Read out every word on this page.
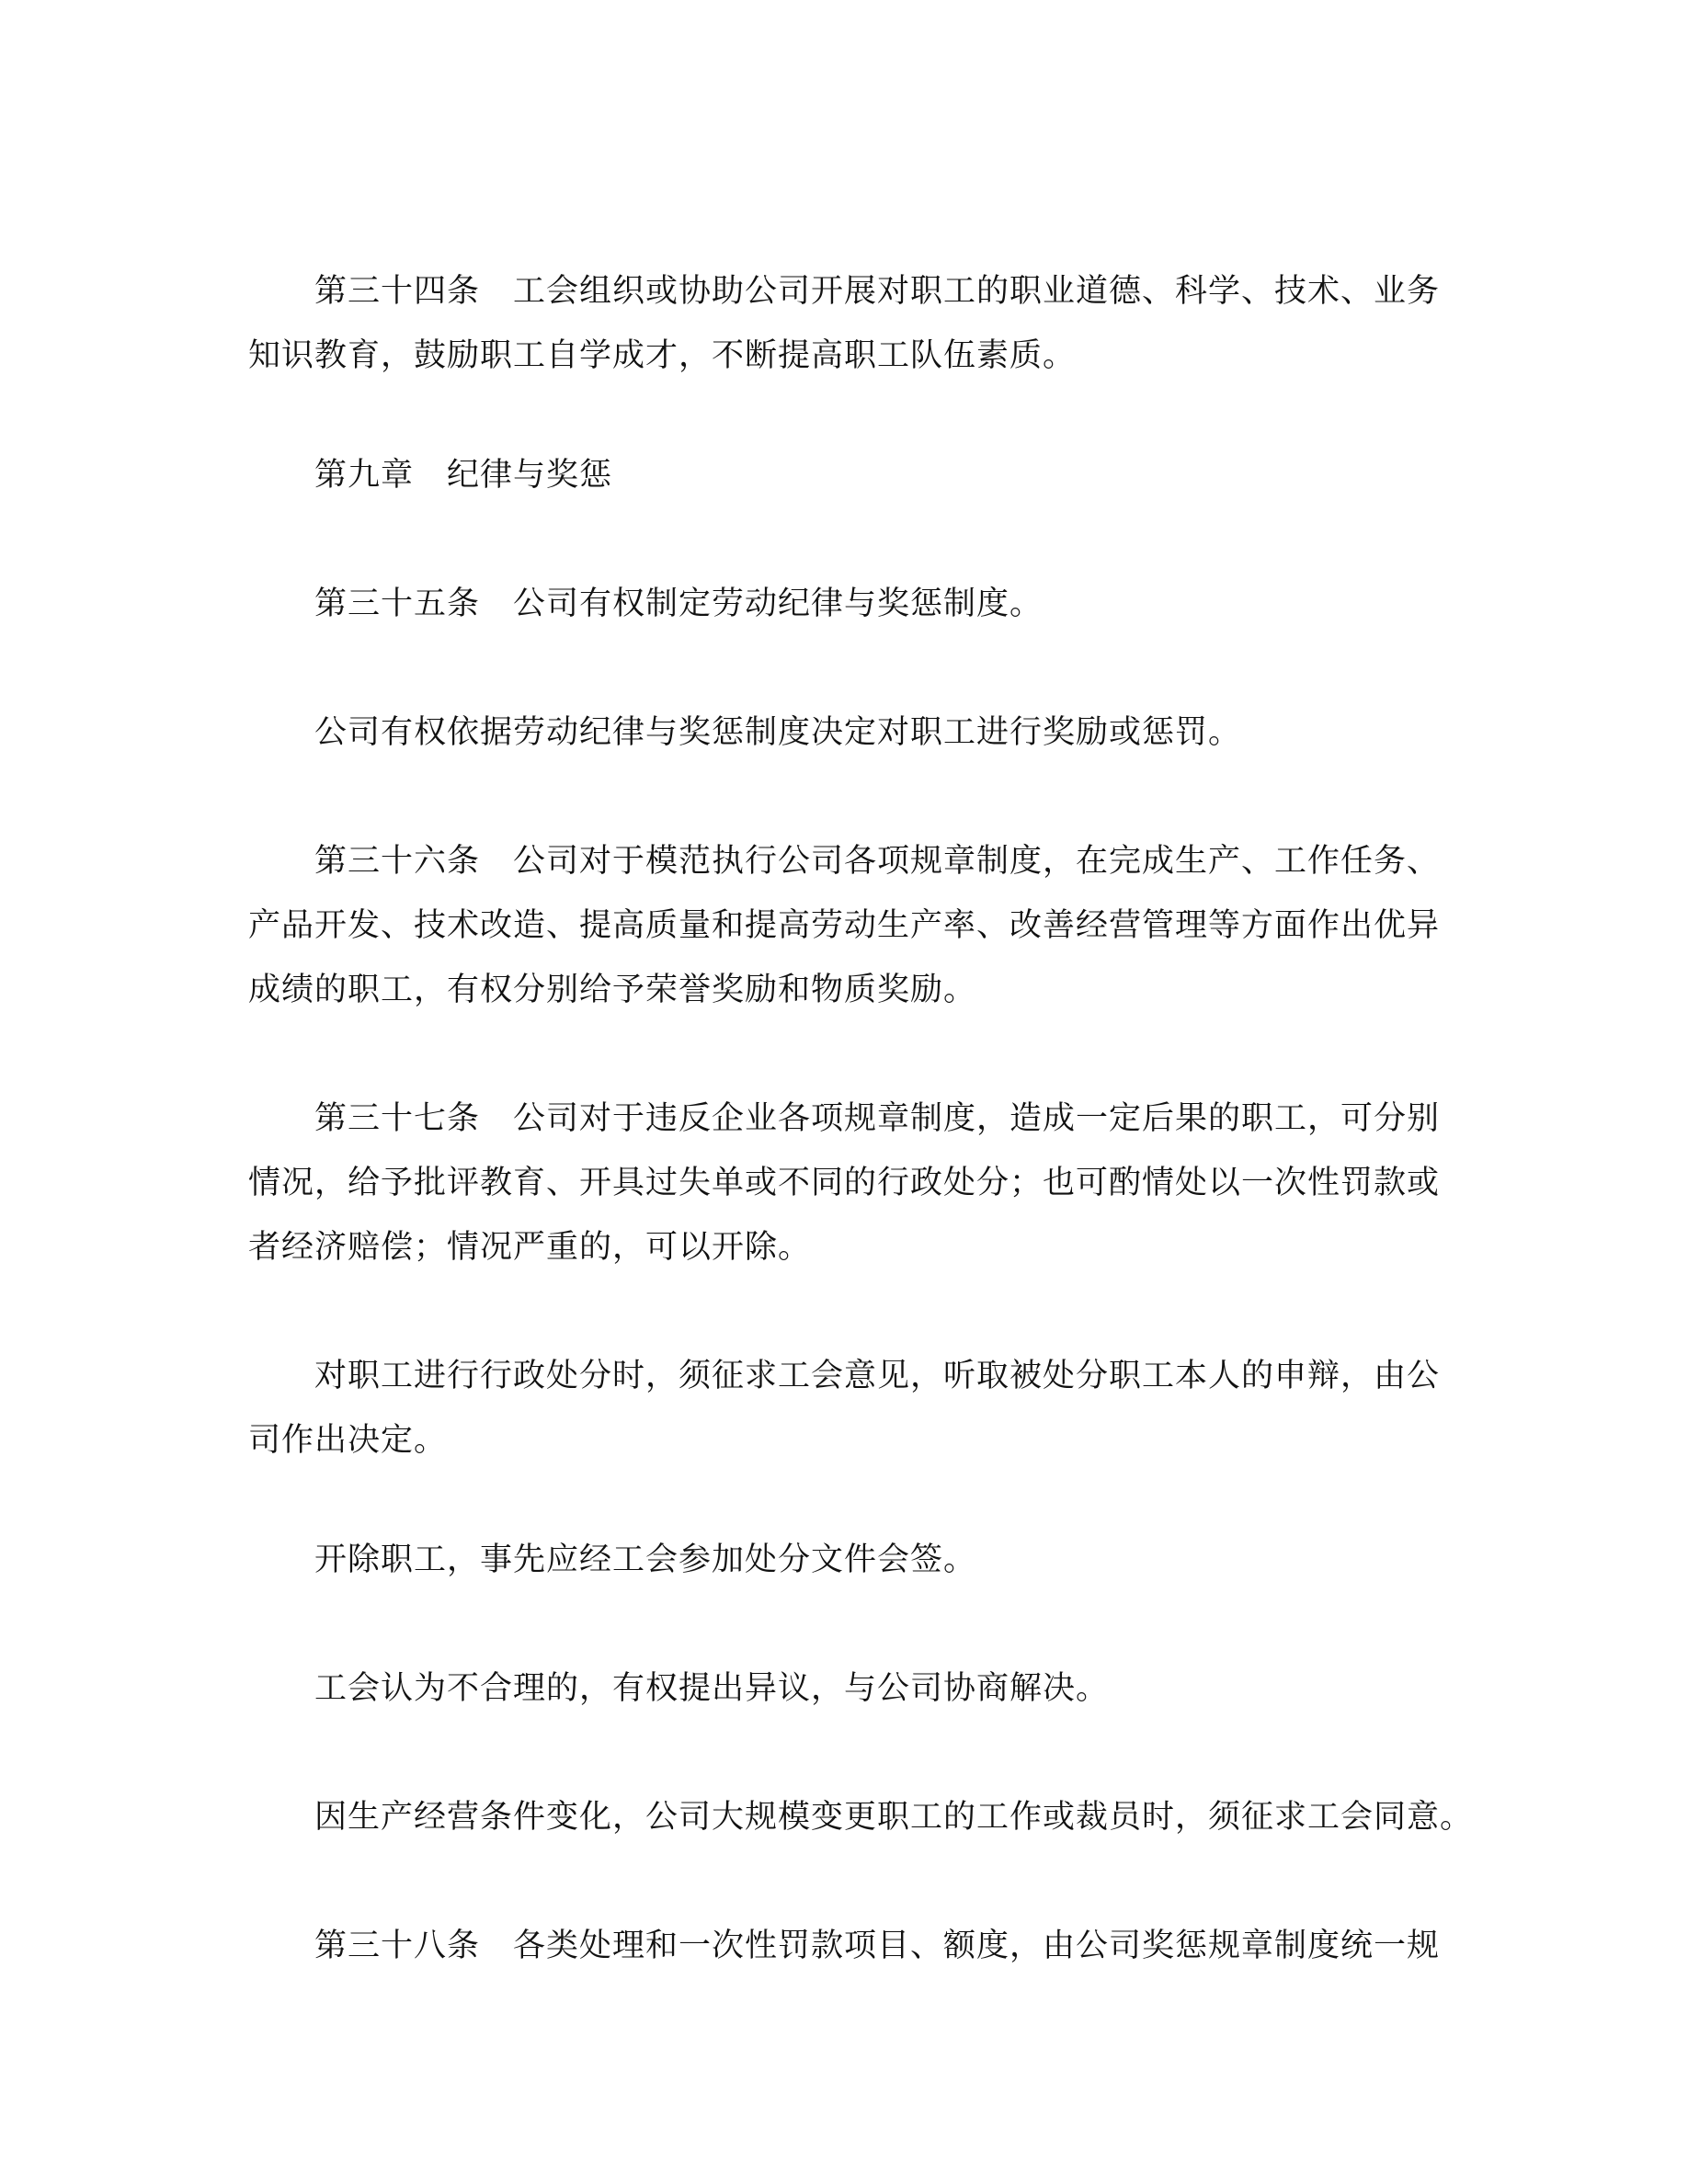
第三十四条 工会组织或协助公司开展对职工的职业道德、科学、技术、业务知识教育，鼓励职工自学成才，不断提高职工队伍素质。

第九章 纪律与奖惩

第三十五条 公司有权制定劳动纪律与奖惩制度。

公司有权依据劳动纪律与奖惩制度决定对职工进行奖励或惩罚。

第三十六条 公司对于模范执行公司各项规章制度，在完成生产、工作任务、产品开发、技术改造、提高质量和提高劳动生产率、改善经营管理等方面作出优异成绩的职工，有权分别给予荣誉奖励和物质奖励。

第三十七条 公司对于违反企业各项规章制度，造成一定后果的职工，可分别情况，给予批评教育、开具过失单或不同的行政处分；也可酌情处以一次性罚款或者经济赔偿；情况严重的，可以开除。

对职工进行行政处分时，须征求工会意见，听取被处分职工本人的申辩，由公司作出决定。

开除职工，事先应经工会参加处分文件会签。

工会认为不合理的，有权提出异议，与公司协商解决。

因生产经营条件变化，公司大规模变更职工的工作或裁员时，须征求工会同意。

第三十八条 各类处理和一次性罚款项目、额度，由公司奖惩规章制度统一规
